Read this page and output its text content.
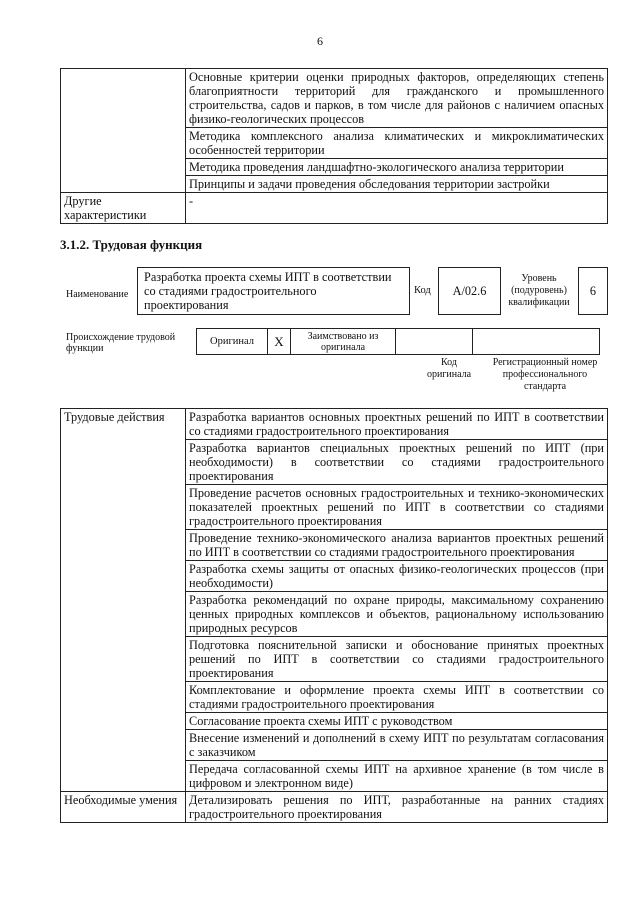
6
	Основные критерии оценки природных факторов, определяющих степень благоприятности территорий для гражданского и промышленного строительства, садов и парков, в том числе для районов с наличием опасных физико-геологических процессов
	Методика комплексного анализа климатических и микроклиматических особенностей территории
	Методика проведения ландшафтно-экологического анализа территории
	Принципы и задачи проведения обследования территории застройки
Другие характеристики	-
3.1.2. Трудовая функция
Наименование
Разработка проекта схемы ИПТ в соответствии со стадиями градостроительного проектирования
Код	А/02.6
Уровень (подуровень) квалификации
6
Происхождение трудовой функции
Оригинал	X	Заимствовано из оригинала		
Код оригинала
Регистрационный номер профессионального стандарта
Трудовые действия	Разработка вариантов основных проектных решений по ИПТ в соответствии со стадиями градостроительного проектирования
	Разработка вариантов специальных проектных решений по ИПТ (при необходимости) в соответствии со стадиями градостроительного проектирования
	Проведение расчетов основных градостроительных и технико-экономических показателей проектных решений по ИПТ в соответствии со стадиями градостроительного проектирования
	Проведение технико-экономического анализа вариантов проектных решений по ИПТ в соответствии со стадиями градостроительного проектирования
	Разработка схемы защиты от опасных физико-геологических процессов (при необходимости)
	Разработка рекомендаций по охране природы, максимальному сохранению ценных природных комплексов и объектов, рациональному использованию природных ресурсов
	Подготовка пояснительной записки и обоснование принятых проектных решений по ИПТ в соответствии со стадиями градостроительного проектирования
	Комплектование и оформление проекта схемы ИПТ в соответствии со стадиями градостроительного проектирования
	Согласование проекта схемы ИПТ с руководством
	Внесение изменений и дополнений в схему ИПТ по результатам согласования с заказчиком
	Передача согласованной схемы ИПТ на архивное хранение (в том числе в цифровом и электронном виде)
Необходимые умения	Детализировать решения по ИПТ, разработанные на ранних стадиях градостроительного проектирования
